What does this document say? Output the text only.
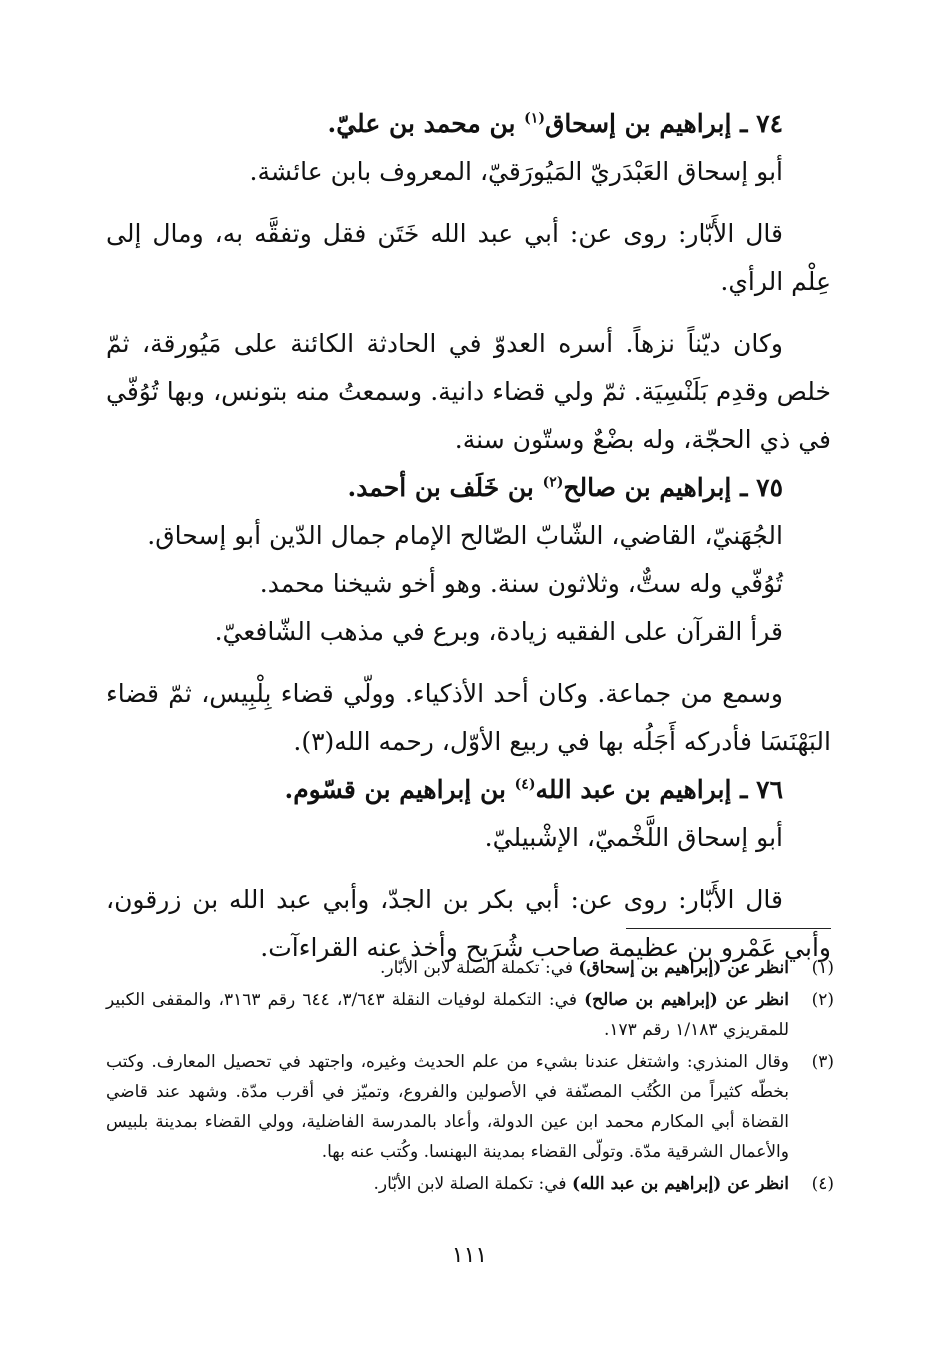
٧٤ ـ إبراهيم بن إسحاق$^{(١)}$ بن محمد بن عليّ.

أبو إسحاق العَبْدَريّ المَيُورَقيّ، المعروف بابن عائشة.

قال الأَبّار: روى عن: أبي عبد الله خَتَن فقل وتفقَّه به، ومال إلى عِلْم الرأي.

وكان ديّناً نزهاً. أسره العدوّ في الحادثة الكائنة على مَيُورقة، ثمّ خلص وقدِم بَلَنْسِيَة. ثمّ ولي قضاء دانية. وسمعتُ منه بتونس، وبها تُوُفّي في ذي الحجّة، وله بضْعٌ وستّون سنة.

٧٥ ـ إبراهيم بن صالح$^{(٢)}$ بن خَلَف بن أحمد.

الجُهَنيّ، القاضي، الشّابّ الصّالح الإمام جمال الدّين أبو إسحاق.

تُوُفّي وله ستٌّ، وثلاثون سنة. وهو أخو شيخنا محمد.

قرأ القرآن على الفقيه زيادة، وبرع في مذهب الشّافعيّ.

وسمع من جماعة. وكان أحد الأذكياء. وولّي قضاء بِلْبِيس، ثمّ قضاء البَهْنَسَا فأدركه أَجَلُه بها في ربيع الأوّل، رحمه الله(٣).

٧٦ ـ إبراهيم بن عبد الله$^{(٤)}$ بن إبراهيم بن قسّوم.

أبو إسحاق اللَّخْميّ، الإشْبيليّ.

قال الأَبّار: روى عن: أبي بكر بن الجدّ، وأبي عبد الله بن زرقون، وأبي عَمْرو بن عظيمة صاحب شُرَيح وأخذ عنه القراءآت.

(١)
انظر عن (إبراهيم بن إسحاق) في: تكملة الصلة لابن الأبّار.
(٢)
انظر عن (إبراهيم بن صالح) في: التكملة لوفيات النقلة ٣/٦٤٣، ٦٤٤ رقم ٣١٦٣، والمقفى الكبير للمقريزي ١/١٨٣ رقم ١٧٣.
(٣)
وقال المنذري: واشتغل عندنا بشيء من علم الحديث وغيره، واجتهد في تحصيل المعارف. وكتب بخطّه كثيراً من الكُتُب المصنّفة في الأصولين والفروع، وتميّز في أقرب مدّة. وشهد عند قاضي القضاة أبي المكارم محمد ابن عين الدولة، وأعاد بالمدرسة الفاضلية، وولي القضاء بمدينة بلبيس والأعمال الشرقية مدّة. وتولّى القضاء بمدينة البهنسا. وكُتب عنه بها.
(٤)
انظر عن (إبراهيم بن عبد الله) في: تكملة الصلة لابن الأبّار.
١١١
